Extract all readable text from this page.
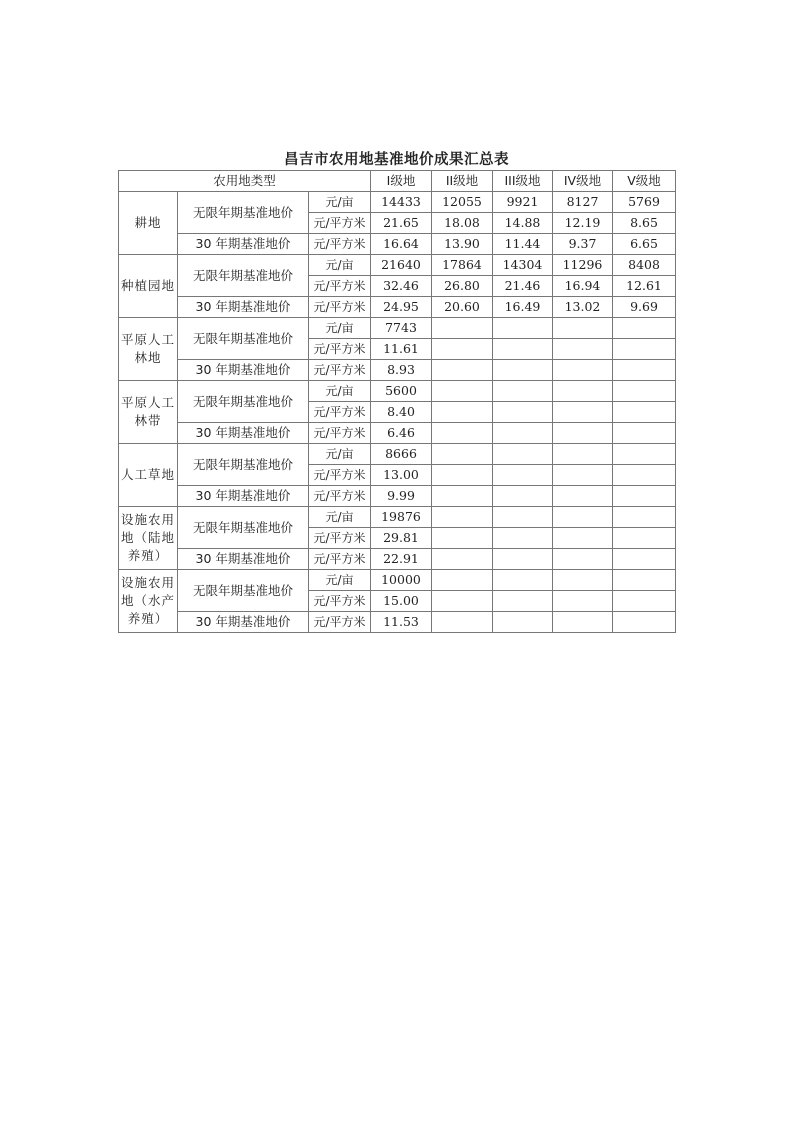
昌吉市农用地基准地价成果汇总表
农用地类型			I级地	II级地	III级地	IV级地	V级地
耕地	无限年期基准地价	元/亩	14433	12055	9921	8127	5769
		元/平方米	21.65	18.08	14.88	12.19	8.65
	30 年期基准地价	元/平方米	16.64	13.90	11.44	9.37	6.65
种植园地	无限年期基准地价	元/亩	21640	17864	14304	11296	8408
		元/平方米	32.46	26.80	21.46	16.94	12.61
	30 年期基准地价	元/平方米	24.95	20.60	16.49	13.02	9.69
平原人工林地	无限年期基准地价	元/亩	7743				
		元/平方米	11.61				
	30 年期基准地价	元/平方米	8.93				
平原人工林带	无限年期基准地价	元/亩	5600				
		元/平方米	8.40				
	30 年期基准地价	元/平方米	6.46				
人工草地	无限年期基准地价	元/亩	8666				
		元/平方米	13.00				
	30 年期基准地价	元/平方米	9.99				
设施农用地（陆地养殖）	无限年期基准地价	元/亩	19876				
		元/平方米	29.81				
	30 年期基准地价	元/平方米	22.91				
设施农用地（水产养殖）	无限年期基准地价	元/亩	10000				
		元/平方米	15.00				
	30 年期基准地价	元/平方米	11.53				
